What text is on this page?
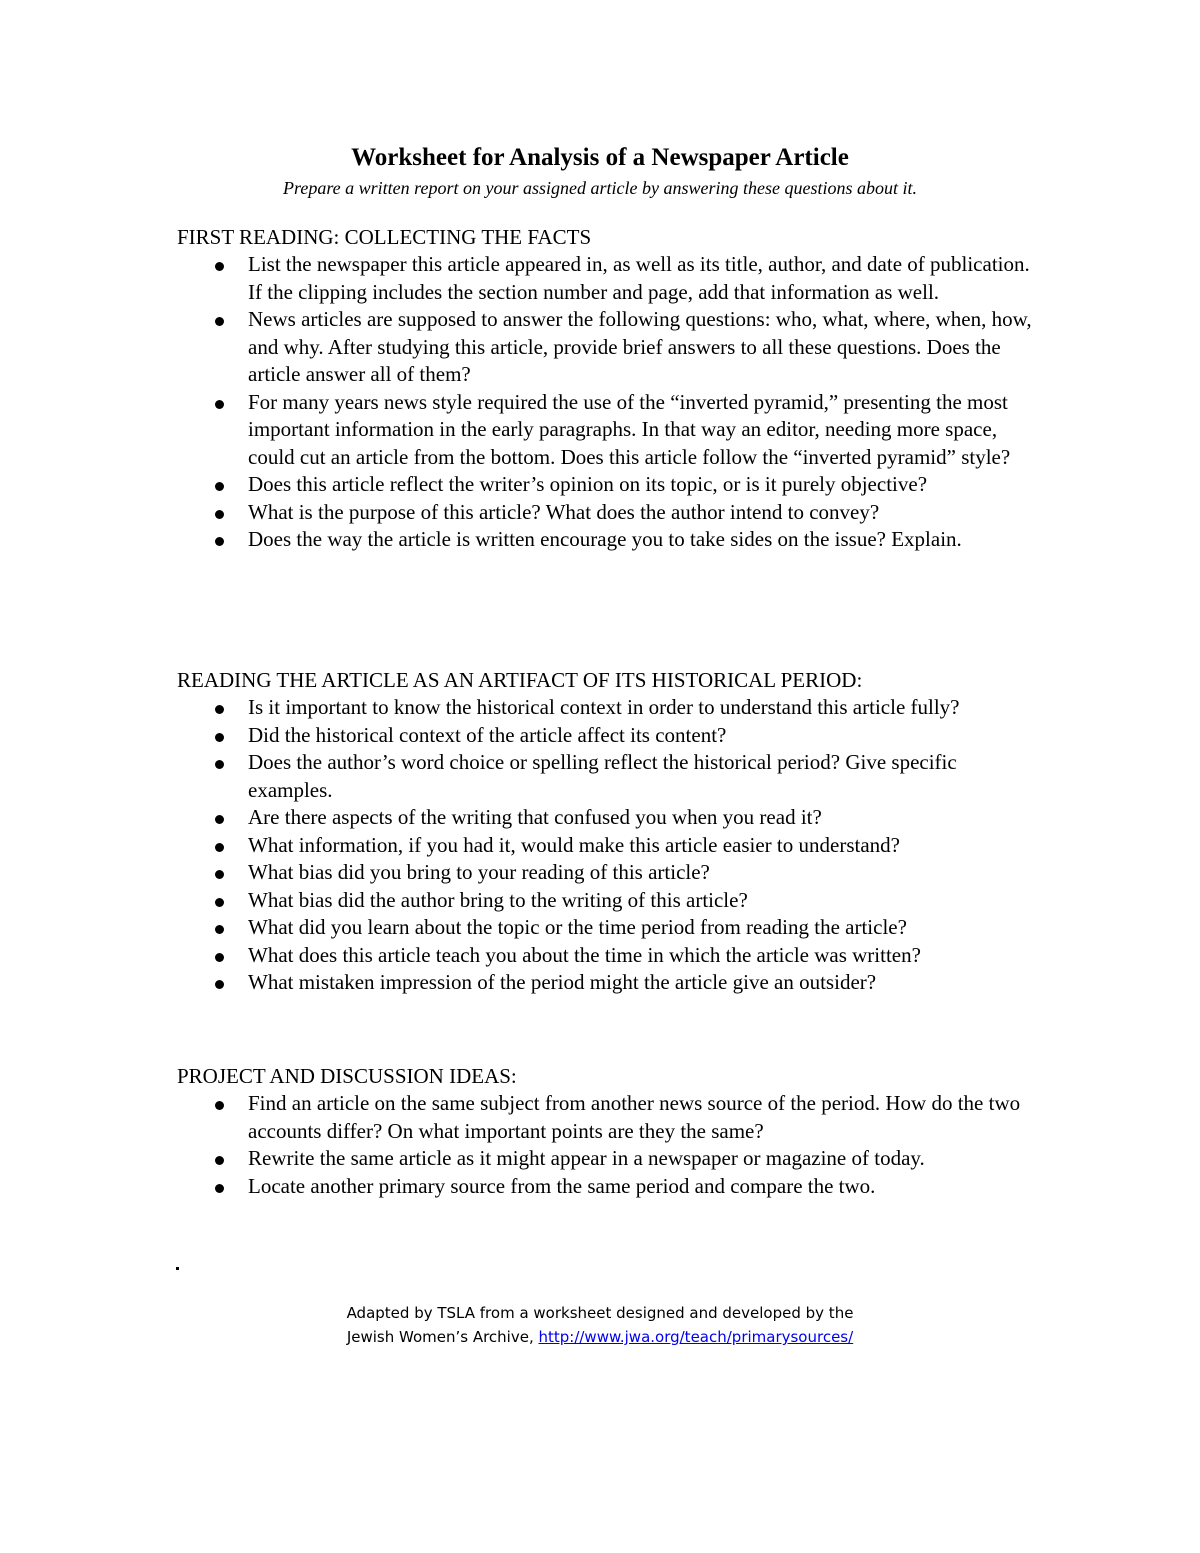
Worksheet for Analysis of a Newspaper Article
Prepare a written report on your assigned article by answering these questions about it.
FIRST READING: COLLECTING THE FACTS
List the newspaper this article appeared in, as well as its title, author, and date of publication. If the clipping includes the section number and page, add that information as well.
News articles are supposed to answer the following questions: who, what, where, when, how, and why. After studying this article, provide brief answers to all these questions. Does the article answer all of them?
For many years news style required the use of the “inverted pyramid,” presenting the most important information in the early paragraphs. In that way an editor, needing more space, could cut an article from the bottom. Does this article follow the “inverted pyramid” style?
Does this article reflect the writer’s opinion on its topic, or is it purely objective?
What is the purpose of this article? What does the author intend to convey?
Does the way the article is written encourage you to take sides on the issue? Explain.
READING THE ARTICLE AS AN ARTIFACT OF ITS HISTORICAL PERIOD:
Is it important to know the historical context in order to understand this article fully?
Did the historical context of the article affect its content?
Does the author’s word choice or spelling reflect the historical period? Give specific examples.
Are there aspects of the writing that confused you when you read it?
What information, if you had it, would make this article easier to understand?
What bias did you bring to your reading of this article?
What bias did the author bring to the writing of this article?
What did you learn about the topic or the time period from reading the article?
What does this article teach you about the time in which the article was written?
What mistaken impression of the period might the article give an outsider?
PROJECT AND DISCUSSION IDEAS:
Find an article on the same subject from another news source of the period. How do the two accounts differ? On what important points are they the same?
Rewrite the same article as it might appear in a newspaper or magazine of today.
Locate another primary source from the same period and compare the two.
Adapted by TSLA from a worksheet designed and developed by the
Jewish Women’s Archive, http://www.jwa.org/teach/primarysources/
